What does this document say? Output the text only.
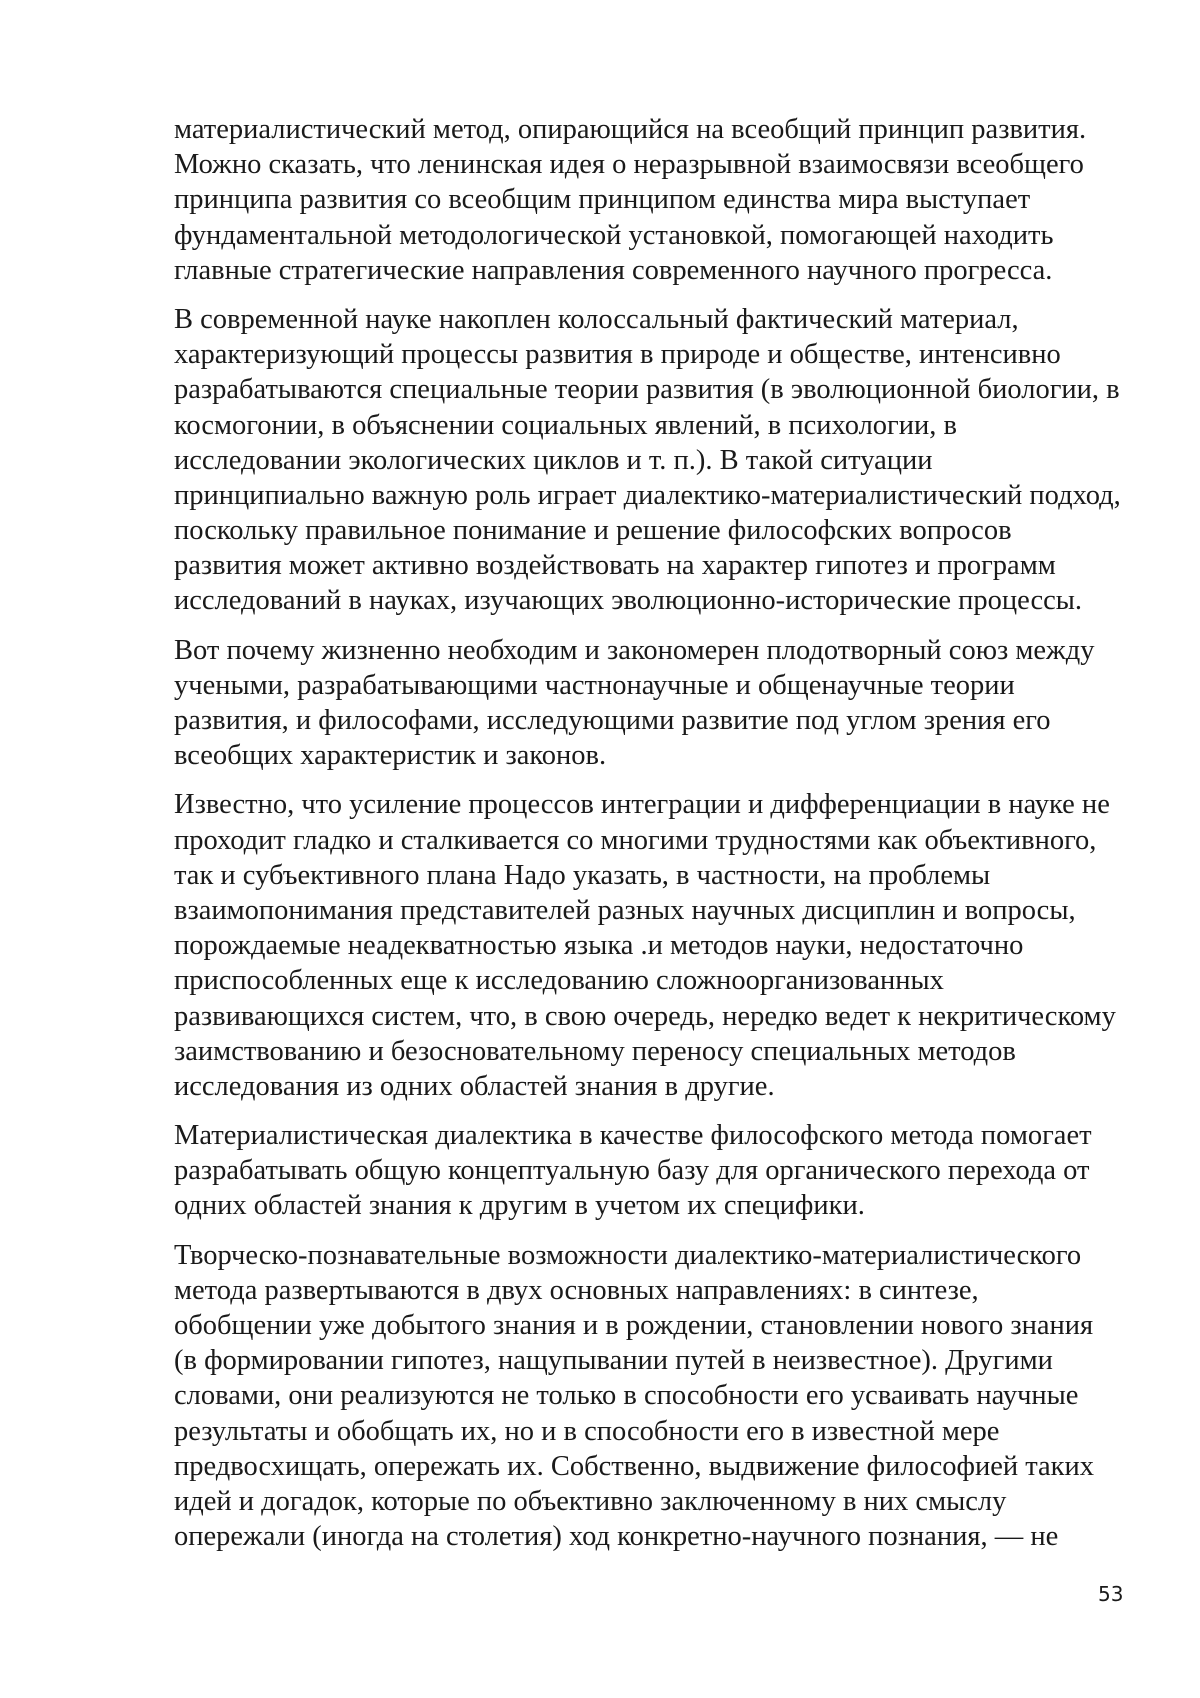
материалистический метод, опирающийся на всеобщий принцип развития.
Можно сказать, что ленинская идея о неразрывной взаимосвязи всеобщего
принципа развития со всеобщим принципом единства мира выступает
фундаментальной методологической установкой, помогающей находить
главные стратегические направления современного научного прогресса.

В современной науке накоплен колоссальный фактический материал,
характеризующий процессы развития в природе и обществе, интенсивно
разрабатываются специальные теории развития (в эволюционной биологии, в
космогонии, в объяснении социальных явлений, в психологии, в
исследовании экологических циклов и т. п.). В такой ситуации
принципиально важную роль играет диалектико-материалистический подход,
поскольку правильное понимание и решение философских вопросов
развития может активно воздействовать на характер гипотез и программ
исследований в науках, изучающих эволюционно-исторические процессы.

Вот почему жизненно необходим и закономерен плодотворный союз между
учеными, разрабатывающими частнонаучные и общенаучные теории
развития, и философами, исследующими развитие под углом зрения его
всеобщих характеристик и законов.

Известно, что усиление процессов интеграции и дифференциации в науке не
проходит гладко и сталкивается со многими трудностями как объективного,
так и субъективного плана Надо указать, в частности, на проблемы
взаимопонимания представителей разных научных дисциплин и вопросы,
порождаемые неадекватностью языка .и методов науки, недостаточно
приспособленных еще к исследованию сложноорганизованных
развивающихся систем, что, в свою очередь, нередко ведет к некритическому
заимствованию и безосновательному переносу специальных методов
исследования из одних областей знания в другие.

Материалистическая диалектика в качестве философского метода помогает
разрабатывать общую концептуальную базу для органического перехода от
одних областей знания к другим в учетом их специфики.

Творческо-познавательные возможности диалектико-материалистического
метода развертываются в двух основных направлениях: в синтезе,
обобщении уже добытого знания и в рождении, становлении нового знания
(в формировании гипотез, нащупывании путей в неизвестное). Другими
словами, они реализуются не только в способности его усваивать научные
результаты и обобщать их, но и в способности его в известной мере
предвосхищать, опережать их. Собственно, выдвижение философией таких
идей и догадок, которые по объективно заключенному в них смыслу
опережали (иногда на столетия) ход конкретно-научного познания, — не

53
